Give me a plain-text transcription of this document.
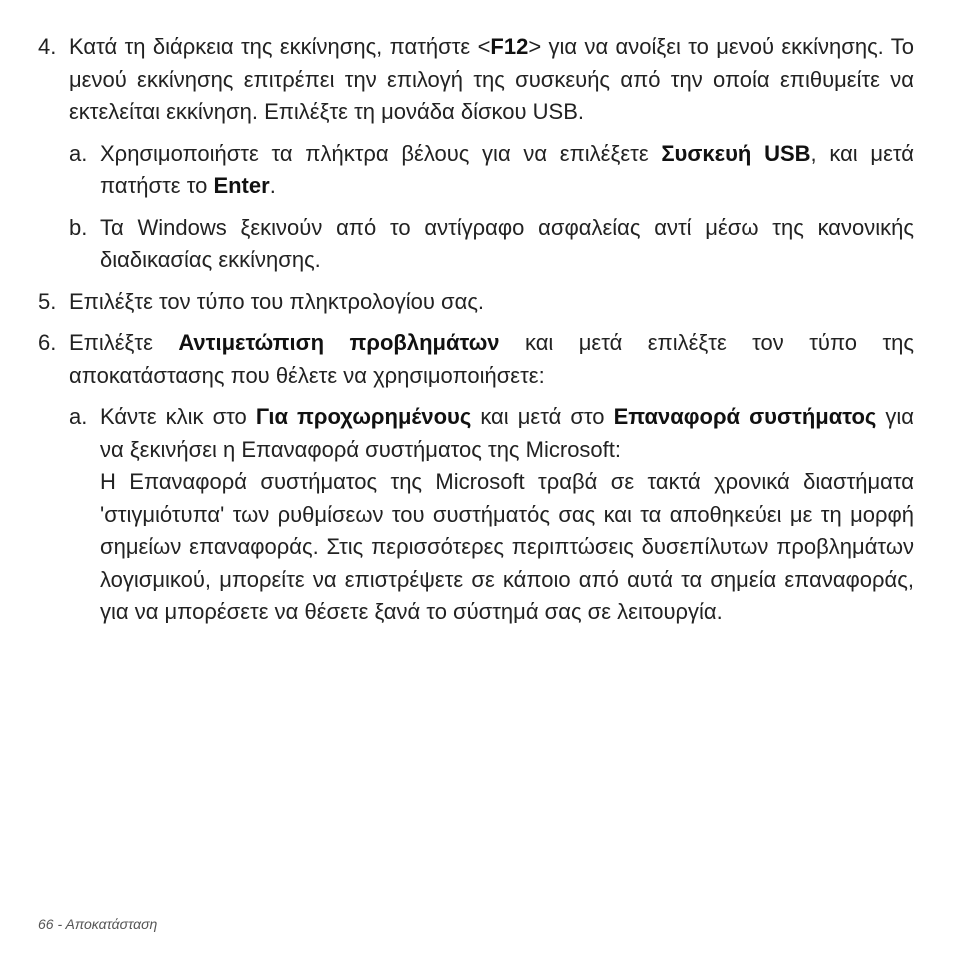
4. Κατά τη διάρκεια της εκκίνησης, πατήστε <F12> για να ανοίξει το μενού εκκίνησης. Το μενού εκκίνησης επιτρέπει την επιλογή της συσκευής από την οποία επιθυμείτε να εκτελείται εκκίνηση. Επιλέξτε τη μονάδα δίσκου USB.
a. Χρησιμοποιήστε τα πλήκτρα βέλους για να επιλέξετε Συσκευή USB, και μετά πατήστε το Enter.
b. Τα Windows ξεκινούν από το αντίγραφο ασφαλείας αντί μέσω της κανονικής διαδικασίας εκκίνησης.
5. Επιλέξτε τον τύπο του πληκτρολογίου σας.
6. Επιλέξτε Αντιμετώπιση προβλημάτων και μετά επιλέξτε τον τύπο της αποκατάστασης που θέλετε να χρησιμοποιήσετε:
a. Κάντε κλικ στο Για προχωρημένους και μετά στο Επαναφορά συστήματος για να ξεκινήσει η Επαναφορά συστήματος της Microsoft:
Η Επαναφορά συστήματος της Microsoft τραβά σε τακτά χρονικά διαστήματα 'στιγμιότυπα' των ρυθμίσεων του συστήματός σας και τα αποθηκεύει με τη μορφή σημείων επαναφοράς. Στις περισσότερες περιπτώσεις δυσεπίλυτων προβλημάτων λογισμικού, μπορείτε να επιστρέψετε σε κάποιο από αυτά τα σημεία επαναφοράς, για να μπορέσετε να θέσετε ξανά το σύστημά σας σε λειτουργία.
66 - Αποκατάσταση
